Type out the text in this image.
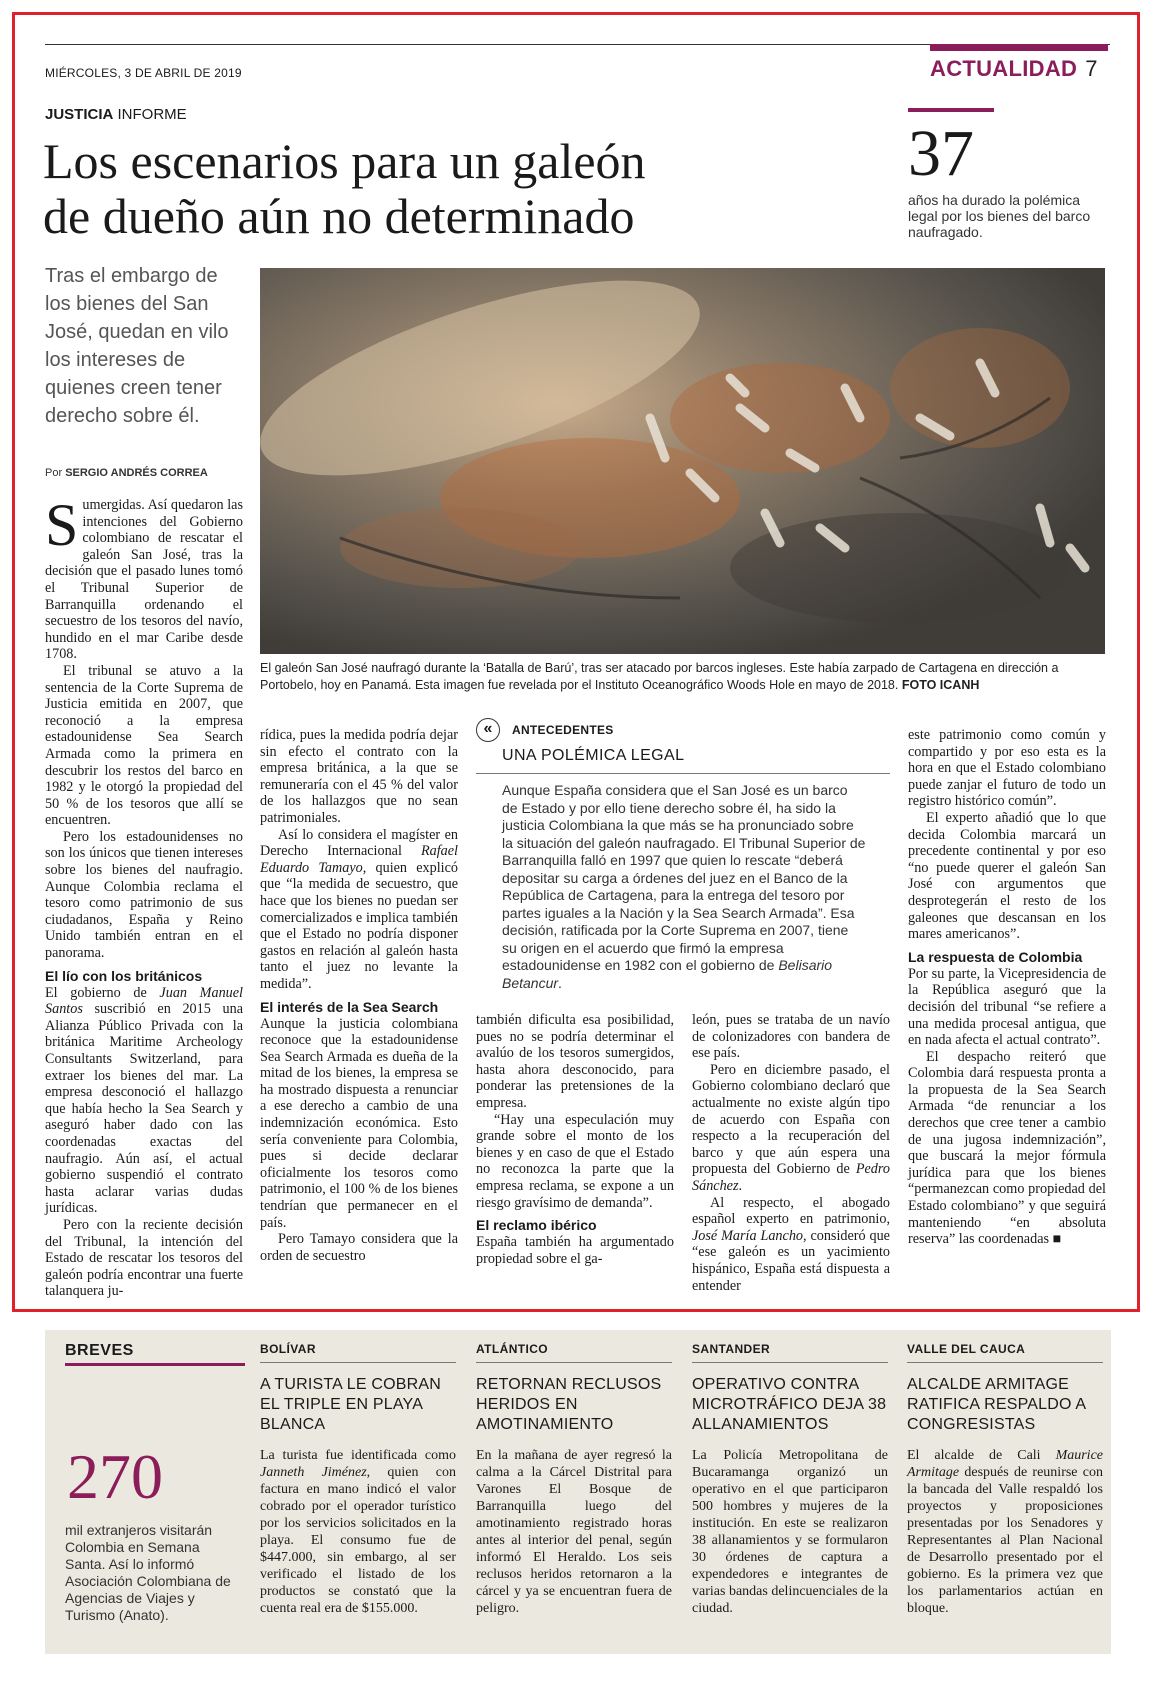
MIÉRCOLES, 3 DE ABRIL DE 2019	ACTUALIDAD 7
JUSTICIA INFORME
Los escenarios para un galeón
de dueño aún no determinado
37
años ha durado la polémica legal por los bienes del barco naufragado.
Tras el embargo de los bienes del San José, quedan en vilo los intereses de quienes creen tener derecho sobre él.
El galeón San José naufragó durante la ‘Batalla de Barú’, tras ser atacado por barcos ingleses. Este había zarpado de Cartagena en dirección a Portobelo, hoy en Panamá. Esta imagen fue revelada por el Instituto Oceanográfico Woods Hole en mayo de 2018. FOTO ICANH
Por SERGIO ANDRÉS CORREA

Sumergidas. Así quedaron las intenciones del Gobierno colombiano de rescatar el galeón San José, tras la decisión que el pasado lunes tomó el Tribunal Superior de Barranquilla ordenando el secuestro de los tesoros del navío, hundido en el mar Caribe desde 1708.

El tribunal se atuvo a la sentencia de la Corte Suprema de Justicia emitida en 2007, que reconoció a la empresa estadounidense Sea Search Armada como la primera en descubrir los restos del barco en 1982 y le otorgó la propiedad del 50 % de los tesoros que allí se encuentren.

Pero los estadounidenses no son los únicos que tienen intereses sobre los bienes del naufragio. Aunque Colombia reclama el tesoro como patrimonio de sus ciudadanos, España y Reino Unido también entran en el panorama.

El lío con los británicos

El gobierno de Juan Manuel Santos suscribió en 2015 una Alianza Público Privada con la británica Maritime Archeology Consultants Switzerland, para extraer los bienes del mar. La empresa desconoció el hallazgo que había hecho la Sea Search y aseguró haber dado con las coordenadas exactas del naufragio. Aún así, el actual gobierno suspendió el contrato hasta aclarar varias dudas jurídicas.

Pero con la reciente decisión del Tribunal, la intención del Estado de rescatar los tesoros del galeón podría encontrar una fuerte talanquera ju-

rídica, pues la medida podría dejar sin efecto el contrato con la empresa británica, a la que se remuneraría con el 45 % del valor de los hallazgos que no sean patrimoniales.

Así lo considera el magíster en Derecho Internacional Rafael Eduardo Tamayo, quien explicó que “la medida de secuestro, que hace que los bienes no puedan ser comercializados e implica también que el Estado no podría disponer gastos en relación al galeón hasta tanto el juez no levante la medida”.

El interés de la Sea Search

Aunque la justicia colombiana reconoce que la estadounidense Sea Search Armada es dueña de la mitad de los bienes, la empresa se ha mostrado dispuesta a renunciar a ese derecho a cambio de una indemnización económica. Esto sería conveniente para Colombia, pues si decide declarar oficialmente los tesoros como patrimonio, el 100 % de los bienes tendrían que permanecer en el país.

Pero Tamayo considera que la orden de secuestro

«	ANTECEDENTES
UNA POLÉMICA LEGAL
Aunque España considera que el San José es un barco de Estado y por ello tiene derecho sobre él, ha sido la justicia Colombiana la que más se ha pronunciado sobre la situación del galeón naufragado. El Tribunal Superior de Barranquilla falló en 1997 que quien lo rescate “deberá depositar su carga a órdenes del juez en el Banco de la República de Cartagena, para la entrega del tesoro por partes iguales a la Nación y la Sea Search Armada”. Esa decisión, ratificada por la Corte Suprema en 2007, tiene su origen en el acuerdo que firmó la empresa estadounidense en 1982 con el gobierno de Belisario Betancur.

también dificulta esa posibilidad, pues no se podría determinar el avalúo de los tesoros sumergidos, hasta ahora desconocido, para ponderar las pretensiones de la empresa.

“Hay una especulación muy grande sobre el monto de los bienes y en caso de que el Estado no reconozca la parte que la empresa reclama, se expone a un riesgo gravísimo de demanda”.

El reclamo ibérico

España también ha argumentado propiedad sobre el ga-

león, pues se trataba de un navío de colonizadores con bandera de ese país.

Pero en diciembre pasado, el Gobierno colombiano declaró que actualmente no existe algún tipo de acuerdo con España con respecto a la recuperación del barco y que aún espera una propuesta del Gobierno de Pedro Sánchez.

Al respecto, el abogado español experto en patrimonio, José María Lancho, consideró que “ese galeón es un yacimiento hispánico, España está dispuesta a entender

este patrimonio como común y compartido y por eso esta es la hora en que el Estado colombiano puede zanjar el futuro de todo un registro histórico común”.

El experto añadió que lo que decida Colombia marcará un precedente continental y por eso “no puede querer el galeón San José con argumentos que desprotegerán el resto de los galeones que descansan en los mares americanos”.

La respuesta de Colombia

Por su parte, la Vicepresidencia de la República aseguró que la decisión del tribunal “se refiere a una medida procesal antigua, que en nada afecta el actual contrato”.

El despacho reiteró que Colombia dará respuesta pronta a la propuesta de la Sea Search Armada “de renunciar a los derechos que cree tener a cambio de una jugosa indemnización”, que buscará la mejor fórmula jurídica para que los bienes “permanezcan como propiedad del Estado colombiano” y que seguirá manteniendo “en absoluta reserva” las coordenadas ■

BREVES
270
mil extranjeros visitarán Colombia en Semana Santa. Así lo informó Asociación Colombiana de Agencias de Viajes y Turismo (Anato).
BOLÍVAR
A TURISTA LE COBRAN EL TRIPLE EN PLAYA BLANCA
La turista fue identificada como Janneth Jiménez, quien con factura en mano indicó el valor cobrado por el operador turístico por los servicios solicitados en la playa. El consumo fue de $447.000, sin embargo, al ser verificado el listado de los productos se constató que la cuenta real era de $155.000.
ATLÁNTICO
RETORNAN RECLUSOS HERIDOS EN AMOTINAMIENTO
En la mañana de ayer regresó la calma a la Cárcel Distrital para Varones El Bosque de Barranquilla luego del amotinamiento registrado horas antes al interior del penal, según informó El Heraldo. Los seis reclusos heridos retornaron a la cárcel y ya se encuentran fuera de peligro.
SANTANDER
OPERATIVO CONTRA MICROTRÁFICO DEJA 38 ALLANAMIENTOS
La Policía Metropolitana de Bucaramanga organizó un operativo en el que participaron 500 hombres y mujeres de la institución. En este se realizaron 38 allanamientos y se formularon 30 órdenes de captura a expendedores e integrantes de varias bandas delincuenciales de la ciudad.
VALLE DEL CAUCA
ALCALDE ARMITAGE RATIFICA RESPALDO A CONGRESISTAS
El alcalde de Cali Maurice Armitage después de reunirse con la bancada del Valle respaldó los proyectos y proposiciones presentadas por los Senadores y Representantes al Plan Nacional de Desarrollo presentado por el gobierno. Es la primera vez que los parlamentarios actúan en bloque.
